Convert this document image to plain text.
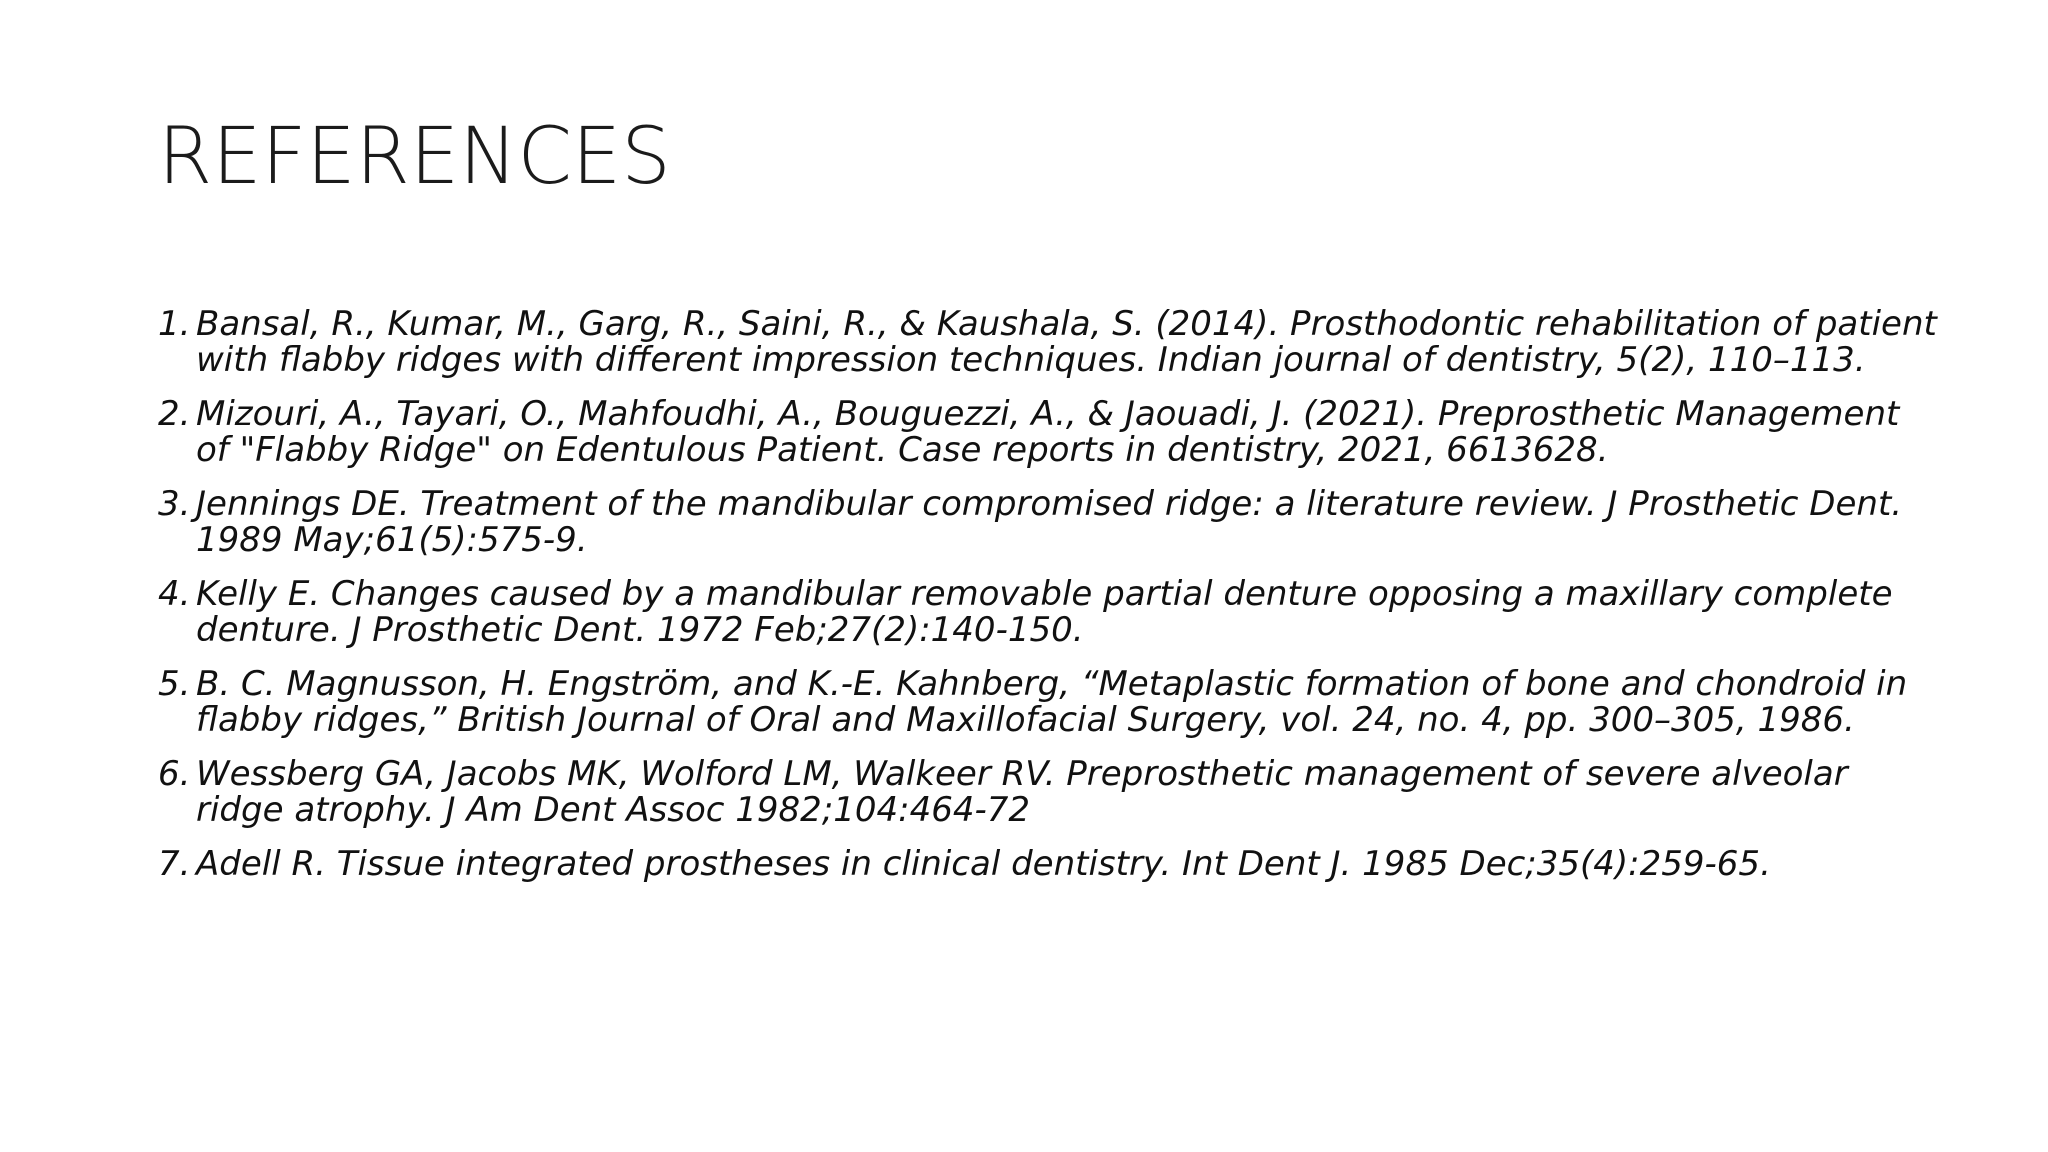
REFERENCES
1. Bansal, R., Kumar, M., Garg, R., Saini, R., & Kaushala, S. (2014). Prosthodontic rehabilitation of patient with flabby ridges with different impression techniques. Indian journal of dentistry, 5(2), 110–113.
2. Mizouri, A., Tayari, O., Mahfoudhi, A., Bouguezzi, A., & Jaouadi, J. (2021). Preprosthetic Management of "Flabby Ridge" on Edentulous Patient. Case reports in dentistry, 2021, 6613628.
3. Jennings DE. Treatment of the mandibular compromised ridge: a literature review. J Prosthetic Dent. 1989 May;61(5):575-9.
4. Kelly E. Changes caused by a mandibular removable partial denture opposing a maxillary complete denture. J Prosthetic Dent. 1972 Feb;27(2):140-150.
5. B. C. Magnusson, H. Engström, and K.-E. Kahnberg, “Metaplastic formation of bone and chondroid in flabby ridges,” British Journal of Oral and Maxillofacial Surgery, vol. 24, no. 4, pp. 300–305, 1986.
6. Wessberg GA, Jacobs MK, Wolford LM, Walkeer RV. Preprosthetic management of severe alveolar ridge atrophy. J Am Dent Assoc 1982;104:464-72
7. Adell R. Tissue integrated prostheses in clinical dentistry. Int Dent J. 1985 Dec;35(4):259-65.
